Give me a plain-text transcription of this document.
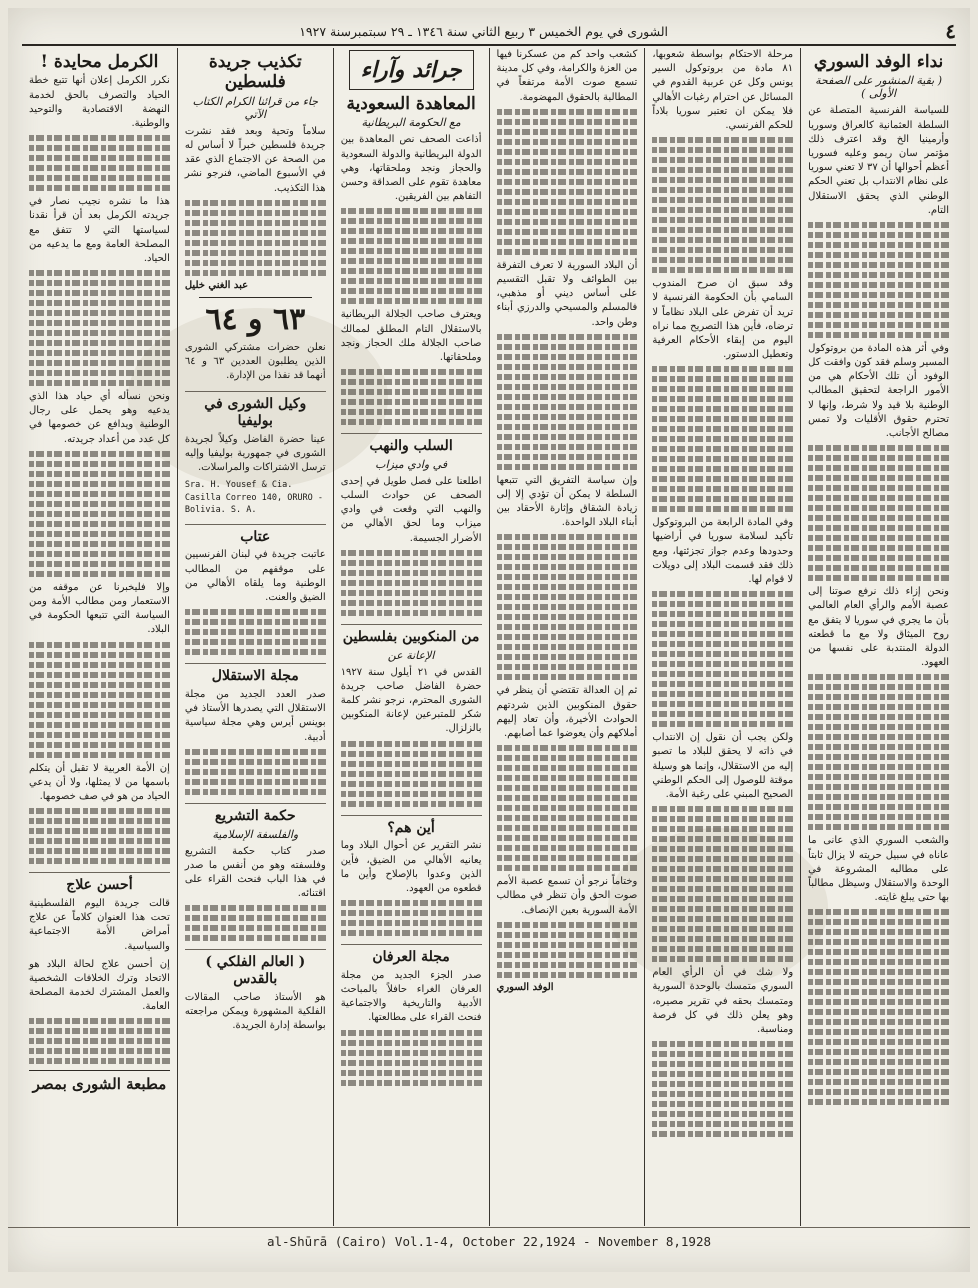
٤
الشورى في يوم الخميس ٣ ربيع الثاني سنة ١٣٤٦ ـ ٢٩ سبتمبرسنة ١٩٢٧
نداء الوفد السوري

( بقية المنشور على الصفحة الأولى )

للسياسة الفرنسية المتصلة عن السلطة العثمانية كالعراق وسوريا وأرمينيا الخ وقد اعترف ذلك مؤتمر سان ريمو وعليه فسوريا أعظم أحوالها أن ٣٧ لا تعني سوريا على نظام الانتداب بل تعني الحكم الوطني الذي يحقق الاستقلال التام.

وفي أثر هذه المادة من بروتوكول المسير وسلم فقد كون وافقت كل الوفود أن تلك الأحكام هي من الأمور الراجعة لتحقيق المطالب الوطنية بلا قيد ولا شرط، وإنها لا تحترم حقوق الأقليات ولا تمس مصالح الأجانب.

ونحن إزاء ذلك نرفع صوتنا إلى عصبة الأمم والرأي العام العالمي بأن ما يجري في سوريا لا يتفق مع روح الميثاق ولا مع ما قطعته الدولة المنتدبة على نفسها من العهود.

والشعب السوري الذي عانى ما عاناه في سبيل حريته لا يزال ثابتاً على مطالبه المشروعة في الوحدة والاستقلال وسيظل مطالباً بها حتى يبلغ غايته.

مرحلة الاحتكام بواسطة شعوبها، ٨١ مادة من بروتوكول السير يونس وكل عن عربية القدوم في المسائل عن احترام رغبات الأهالي فلا يمكن ان تعتبر سوريا بلاداً للحكم الفرنسي.

وقد سبق ان صرح المندوب السامي بأن الحكومة الفرنسية لا تريد أن تفرض على البلاد نظاماً لا ترضاه، فأين هذا التصريح مما نراه اليوم من إبقاء الأحكام العرفية وتعطيل الدستور.

وفي المادة الرابعة من البروتوكول تأكيد لسلامة سوريا في أراضيها وحدودها وعدم جواز تجزئتها، ومع ذلك فقد قسمت البلاد إلى دويلات لا قوام لها.

ولكن يجب أن نقول إن الانتداب في ذاته لا يحقق للبلاد ما تصبو إليه من الاستقلال، وإنما هو وسيلة موقتة للوصول إلى الحكم الوطني الصحيح المبني على رغبة الأمة.

ولا شك في أن الرأي العام السوري متمسك بالوحدة السورية ومتمسك بحقه في تقرير مصيره، وهو يعلن ذلك في كل فرصة ومناسبة.

كشعب واحد كم من عسكرنا فيها من العزة والكرامة، وفي كل مدينة تسمع صوت الأمة مرتفعاً في المطالبة بالحقوق المهضومة.

أن البلاد السورية لا تعرف التفرقة بين الطوائف ولا تقبل التقسيم على أساس ديني أو مذهبي، فالمسلم والمسيحي والدرزي أبناء وطن واحد.

وإن سياسة التفريق التي تتبعها السلطة لا يمكن أن تؤدي إلا إلى زيادة الشقاق وإثارة الأحقاد بين أبناء البلاد الواحدة.

ثم إن العدالة تقتضي أن ينظر في حقوق المنكوبين الذين شردتهم الحوادث الأخيرة، وأن تعاد إليهم أملاكهم وأن يعوضوا عما أصابهم.

وختاماً نرجو أن تسمع عصبة الأمم صوت الحق وأن تنظر في مطالب الأمة السورية بعين الإنصاف.

الوفد السوري

جرائد وآراء
المعاهدة السعودية

مع الحكومة البريطانية

أذاعت الصحف نص المعاهدة بين الدولة البريطانية والدولة السعودية والحجاز ونجد وملحقاتها، وهي معاهدة تقوم على الصداقة وحسن التفاهم بين الفريقين.

ويعترف صاحب الجلالة البريطانية بالاستقلال التام المطلق لممالك صاحب الجلالة ملك الحجاز ونجد وملحقاتها.

السلب والنهب

في وادي ميزاب

اطلعنا على فصل طويل في إحدى الصحف عن حوادث السلب والنهب التي وقعت في وادي ميزاب وما لحق الأهالي من الأضرار الجسيمة.

من المنكوبين بفلسطين

الإعانة عن

القدس في ٢١ أيلول سنة ١٩٢٧ حضرة الفاضل صاحب جريدة الشورى المحترم، نرجو نشر كلمة شكر للمتبرعين لإعانة المنكوبين بالزلزال.

أين هم؟

نشر التقرير عن أحوال البلاد وما يعانيه الأهالي من الضيق، فأين الذين وعدوا بالإصلاح وأين ما قطعوه من العهود.

مجلة العرفان

صدر الجزء الجديد من مجلة العرفان الغراء حافلاً بالمباحث الأدبية والتاريخية والاجتماعية فنحث القراء على مطالعتها.

تكذيب جريدة فلسطين

جاء من قرائنا الكرام الكتاب الآتي

سلاماً وتحية وبعد فقد نشرت جريدة فلسطين خبراً لا أساس له من الصحة عن الاجتماع الذي عقد في الأسبوع الماضي، فنرجو نشر هذا التكذيب.

عبد الغني خليل

٦٣ و ٦٤

نعلن حضرات مشتركي الشورى الذين يطلبون العددين ٦٣ و ٦٤ أنهما قد نفذا من الإدارة.

وكيل الشورى في بوليفيا

عينا حضرة الفاضل وكيلاً لجريدة الشورى في جمهورية بوليفيا وإليه ترسل الاشتراكات والمراسلات.

Sra. H. Yousef & Cia. Casilla Correo 140, ORURO - Bolivia. S. A.

عتاب

عاتبت جريدة في لبنان الفرنسيين على موقفهم من المطالب الوطنية وما يلقاه الأهالي من الضيق والعنت.

مجلة الاستقلال

صدر العدد الجديد من مجلة الاستقلال التي يصدرها الأستاذ في بوينس أيرس وهي مجلة سياسية أدبية.

حكمة التشريع

والفلسفة الإسلامية

صدر كتاب حكمة التشريع وفلسفته وهو من أنفس ما صدر في هذا الباب فنحث القراء على اقتنائه.

( العالم الفلكي ) بالقدس

هو الأستاذ صاحب المقالات الفلكية المشهورة ويمكن مراجعته بواسطة إدارة الجريدة.

الكرمل محايدة !

نكرر الكرمل إعلان أنها تتبع خطة الحياد والتصرف بالحق لخدمة النهضة الاقتصادية والتوحيد والوطنية.

هذا ما نشره نجيب نصار في جريدته الكرمل بعد أن قرأ نقدنا لسياستها التي لا تتفق مع المصلحة العامة ومع ما يدعيه من الحياد.

ونحن نسأله أي حياد هذا الذي يدعيه وهو يحمل على رجال الوطنية ويدافع عن خصومها في كل عدد من أعداد جريدته.

وإلا فليخبرنا عن موقفه من الاستعمار ومن مطالب الأمة ومن السياسة التي تتبعها الحكومة في البلاد.

إن الأمة العربية لا تقبل أن يتكلم باسمها من لا يمثلها، ولا أن يدعي الحياد من هو في صف خصومها.

أحسن علاج

قالت جريدة اليوم الفلسطينية تحت هذا العنوان كلاماً عن علاج أمراض الأمة الاجتماعية والسياسية.

إن أحسن علاج لحالة البلاد هو الاتحاد وترك الخلافات الشخصية والعمل المشترك لخدمة المصلحة العامة.

مطبعة الشورى بمصر
al-Shūrā (Cairo) Vol.1-4, October 22,1924 - November 8,1928
